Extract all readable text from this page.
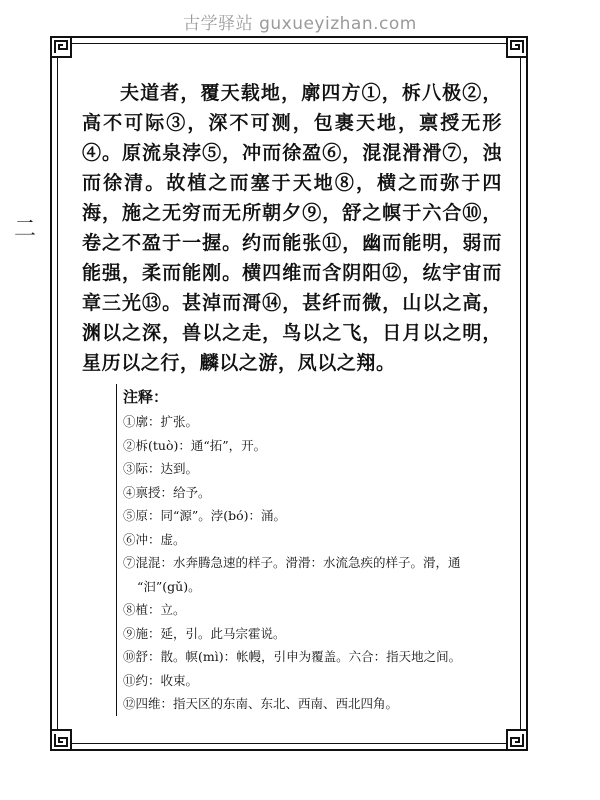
古学驿站 guxueyizhan.com
二
夫道者，覆天载地，廓四方①，柝八极②，高不可际③，深不可测，包裹天地，禀授无形④。原流泉浡⑤，冲而徐盈⑥，混混滑滑⑦，浊而徐清。故植之而塞于天地⑧，横之而弥于四海，施之无穷而无所朝夕⑨，舒之幎于六合⑩，卷之不盈于一握。约而能张⑪，幽而能明，弱而能强，柔而能刚。横四维而含阴阳⑫，纮宇宙而章三光⑬。甚淖而滒⑭，甚纤而微，山以之高，渊以之深，兽以之走，鸟以之飞，日月以之明，星历以之行，麟以之游，凤以之翔。
注释：

①廓：扩张。

②柝(tuò)：通“拓”，开。

③际：达到。

④禀授：给予。

⑤原：同“源”。浡(bó)：涌。

⑥冲：虚。

⑦混混：水奔腾急速的样子。滑滑：水流急疾的样子。滑，通

“汩”(gǔ)。

⑧植：立。

⑨施：延，引。此马宗霍说。

⑩舒：散。幎(mì)：帐幔，引申为覆盖。六合：指天地之间。

⑪约：收束。

⑫四维：指天区的东南、东北、西南、西北四角。
